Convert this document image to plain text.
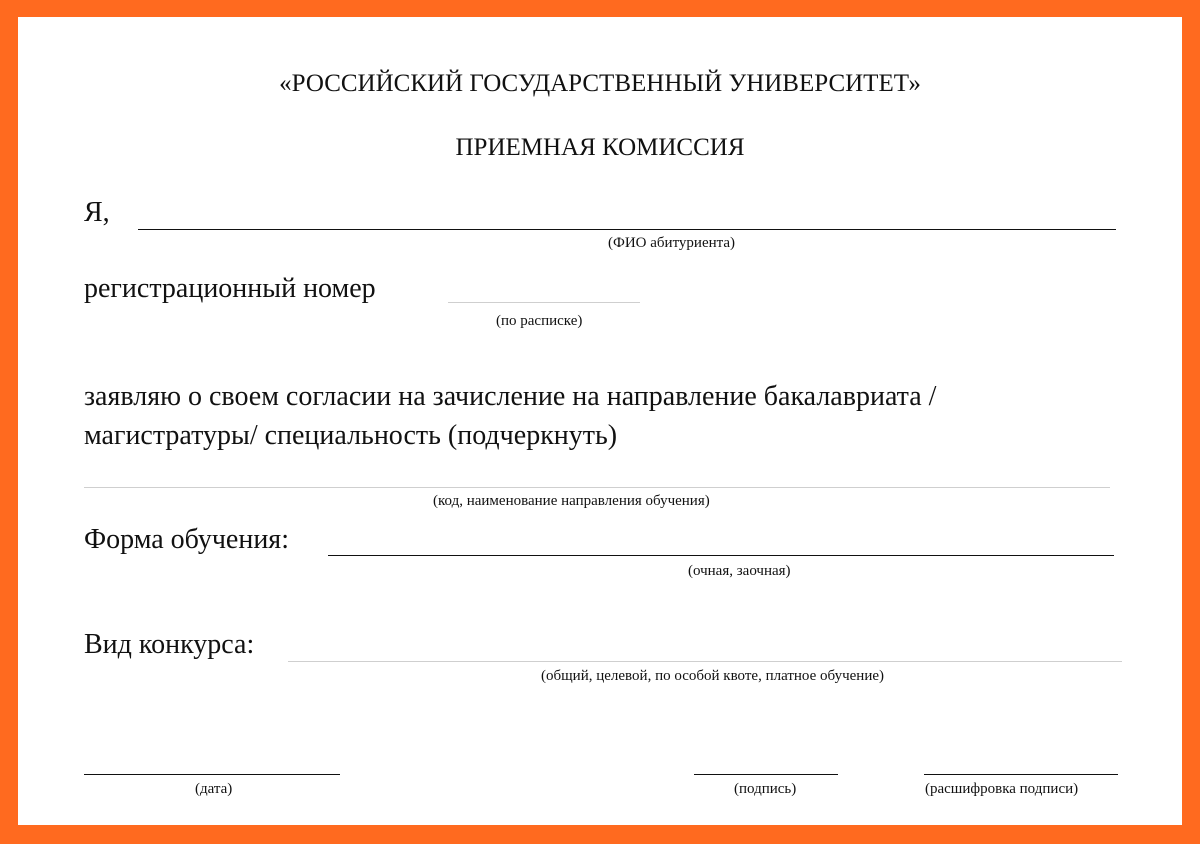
«РОССИЙСКИЙ ГОСУДАРСТВЕННЫЙ УНИВЕРСИТЕТ»
ПРИЕМНАЯ КОМИССИЯ
Я,
(ФИО абитуриента)
регистрационный номер
(по расписке)
заявляю о своем согласии на зачисление на направление бакалавриата /
магистратуры/ специальность (подчеркнуть)
(код, наименование направления обучения)
Форма обучения:
(очная, заочная)
Вид конкурса:
(общий, целевой, по особой квоте, платное обучение)
(дата)	(подпись)	(расшифровка подписи)
